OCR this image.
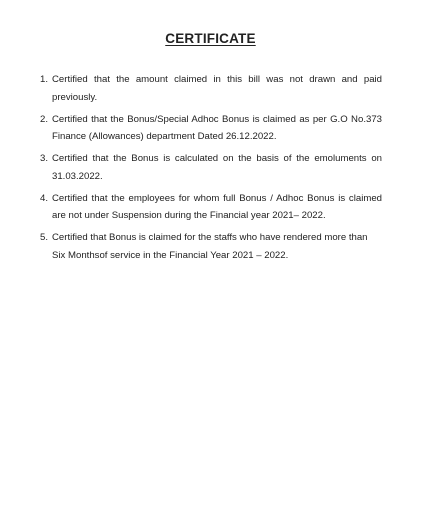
CERTIFICATE
1. Certified that the amount claimed in this bill was not drawn and paid previously.
2. Certified that the Bonus/Special Adhoc Bonus is claimed as per G.O No.373 Finance (Allowances) department Dated 26.12.2022.
3. Certified that the Bonus is calculated on the basis of the emoluments on 31.03.2022.
4. Certified that the employees for whom full Bonus / Adhoc Bonus is claimed are not under Suspension during the Financial year 2021– 2022.
5. Certified that Bonus is claimed for the staffs who have rendered more than Six Monthsof service in the Financial Year 2021 – 2022.
